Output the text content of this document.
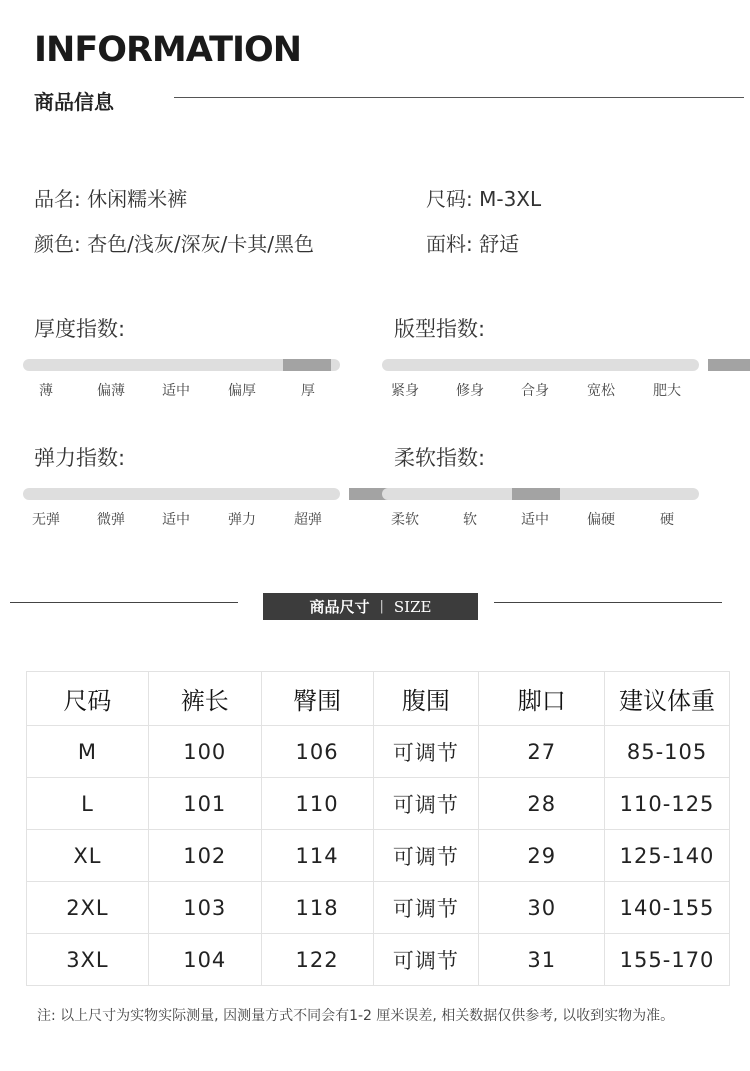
INFORMATION
商品信息
品名: 休闲糯米裤	尺码: M-3XL
颜色: 杏色/浅灰/深灰/卡其/黑色	面料: 舒适
厚度指数:
薄	偏薄	适中	偏厚	厚
版型指数:
紧身	修身	合身	宽松	肥大
弹力指数:
无弹	微弹	适中	弹力	超弹
柔软指数:
柔软	软	适中	偏硬	硬
商品尺寸 | SIZE
尺码	裤长	臀围	腹围	脚口	建议体重
M	100	106	可调节	27	85-105
L	101	110	可调节	28	110-125
XL	102	114	可调节	29	125-140
2XL	103	118	可调节	30	140-155
3XL	104	122	可调节	31	155-170
注: 以上尺寸为实物实际测量, 因测量方式不同会有1-2 厘米误差, 相关数据仅供参考, 以收到实物为准。
